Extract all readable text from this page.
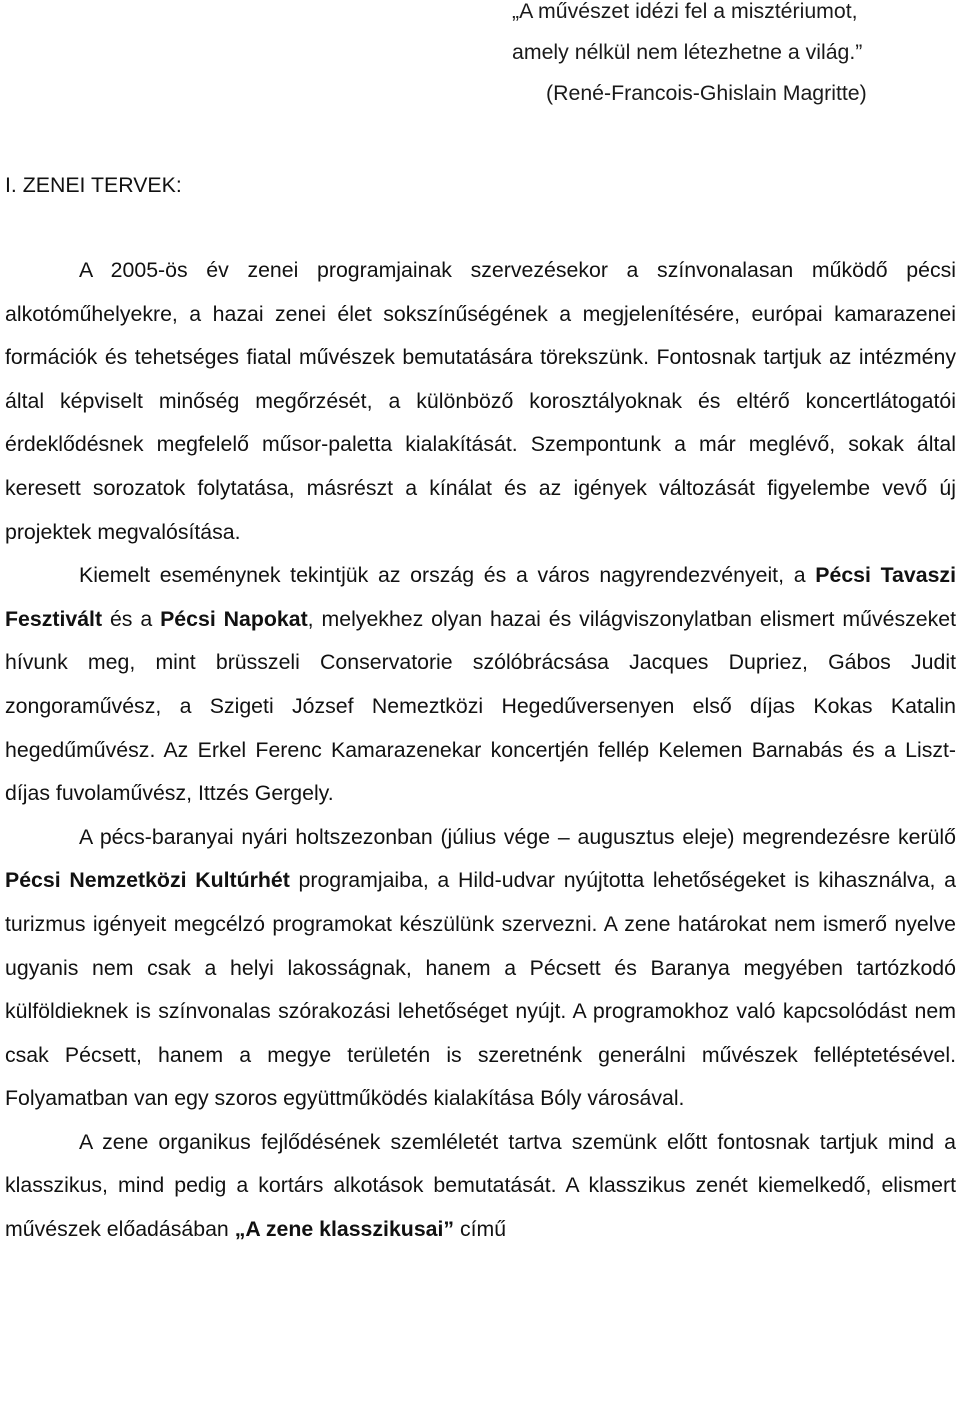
„A művészet idézi fel a misztériumot,
amely nélkül nem létezhetne a világ.”
(René-Francois-Ghislain Magritte)
I. ZENEI TERVEK:

A 2005-ös év zenei programjainak szervezésekor a színvonalasan működő pécsi alkotóműhelyekre, a hazai zenei élet sokszínűségének a megjelenítésére, európai kamarazenei formációk és tehetséges fiatal művészek bemutatására törekszünk. Fontosnak tartjuk az intézmény által képviselt minőség megőrzését, a különböző korosztályoknak és eltérő koncertlátogatói érdeklődésnek megfelelő műsor-paletta kialakítását. Szempontunk a már meglévő, sokak által keresett sorozatok folytatása, másrészt a kínálat és az igények változását figyelembe vevő új projektek megvalósítása.

Kiemelt eseménynek tekintjük az ország és a város nagyrendezvényeit, a Pécsi Tavaszi Fesztivált és a Pécsi Napokat, melyekhez olyan hazai és világviszonylatban elismert művészeket hívunk meg, mint brüsszeli Conservatorie szólóbrácsása Jacques Dupriez, Gábos Judit zongoraművész, a Szigeti József Nemeztközi Hegedűversenyen első díjas Kokas Katalin hegedűművész. Az Erkel Ferenc Kamarazenekar koncertjén fellép Kelemen Barnabás és a Liszt-díjas fuvolaművész, Ittzés Gergely.

A pécs-baranyai nyári holtszezonban (július vége – augusztus eleje) megrendezésre kerülő Pécsi Nemzetközi Kultúrhét programjaiba, a Hild-udvar nyújtotta lehetőségeket is kihasználva, a turizmus igényeit megcélzó programokat készülünk szervezni. A zene határokat nem ismerő nyelve ugyanis nem csak a helyi lakosságnak, hanem a Pécsett és Baranya megyében tartózkodó külföldieknek is színvonalas szórakozási lehetőséget nyújt. A programokhoz való kapcsolódást nem csak Pécsett, hanem a megye területén is szeretnénk generálni művészek felléptetésével. Folyamatban van egy szoros együttműködés kialakítása Bóly városával.

A zene organikus fejlődésének szemléletét tartva szemünk előtt fontosnak tartjuk mind a klasszikus, mind pedig a kortárs alkotások bemutatását. A klasszikus zenét kiemelkedő, elismert művészek előadásában „A zene klasszikusai” című
